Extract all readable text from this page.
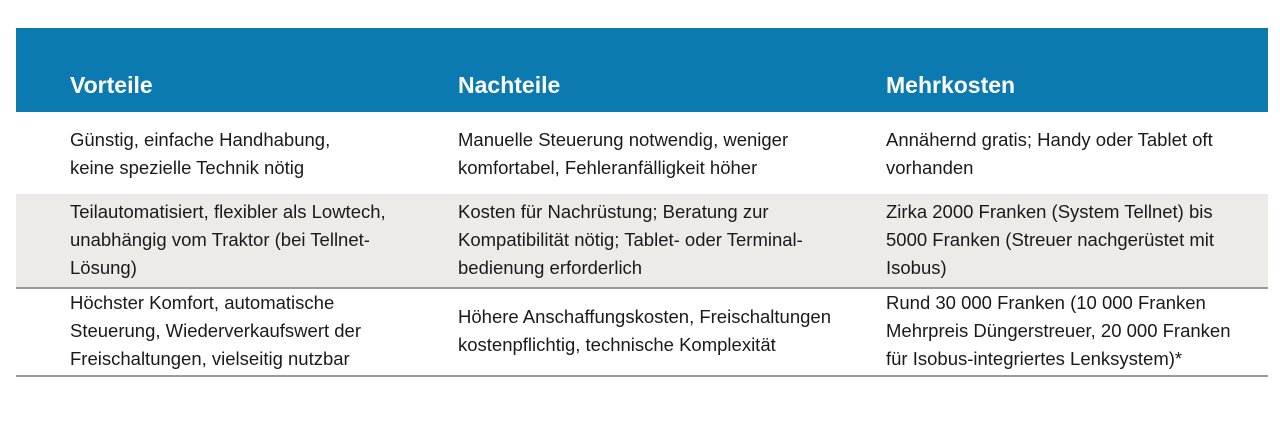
Vorteile	Nachteile	Mehrkosten
Günstig, einfache Handhabung,
keine spezielle Technik nötig
Manuelle Steuerung notwendig, weniger
komfortabel, Fehleranfälligkeit höher
Annähernd gratis; Handy oder Tablet oft
vorhanden
Teilautomatisiert, flexibler als Lowtech,
unabhängig vom Traktor (bei Tellnet-
Lösung)
Kosten für Nachrüstung; Beratung zur
Kompatibilität nötig; Tablet- oder Terminal-
bedienung erforderlich
Zirka 2000 Franken (System Tellnet) bis
5000 Franken (Streuer nachgerüstet mit
Isobus)
Höchster Komfort, automatische
Steuerung, Wiederverkaufswert der
Freischaltungen, vielseitig nutzbar
Höhere Anschaffungskosten, Freischaltungen
kostenpflichtig, technische Komplexität
Rund 30 000 Franken (10 000 Franken
Mehrpreis Düngerstreuer, 20 000 Franken
für Isobus-integriertes Lenksystem)*
